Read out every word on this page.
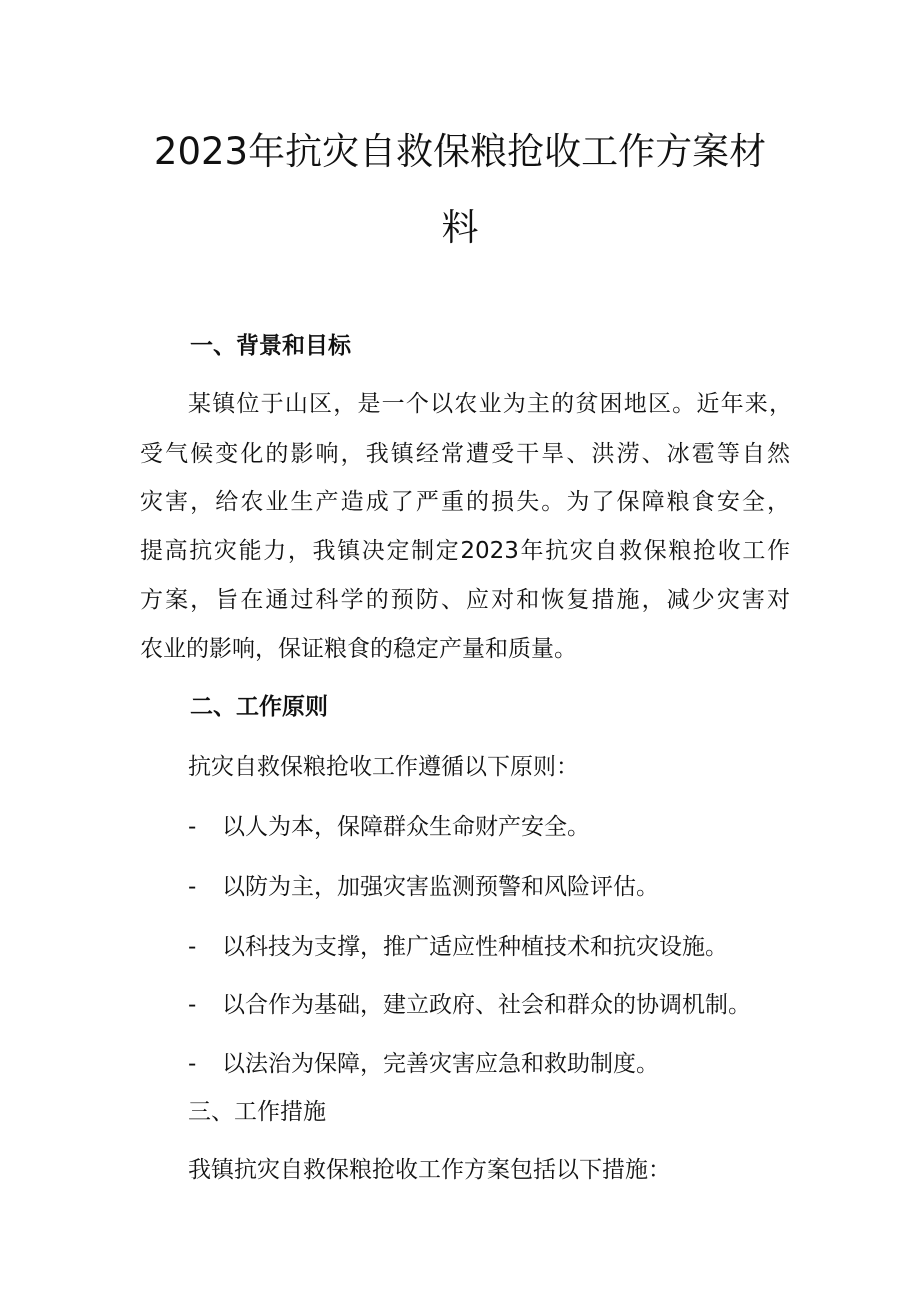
2023年抗灾自救保粮抢收工作方案材
料
一、背景和目标
某镇位于山区，是一个以农业为主的贫困地区。近年来，
受气候变化的影响，我镇经常遭受干旱、洪涝、冰雹等自然
灾害，给农业生产造成了严重的损失。为了保障粮食安全，
提高抗灾能力，我镇决定制定2023年抗灾自救保粮抢收工作
方案，旨在通过科学的预防、应对和恢复措施，减少灾害对
农业的影响，保证粮食的稳定产量和质量。
二、工作原则
抗灾自救保粮抢收工作遵循以下原则：
- 以人为本，保障群众生命财产安全。
- 以防为主，加强灾害监测预警和风险评估。
- 以科技为支撑，推广适应性种植技术和抗灾设施。
- 以合作为基础，建立政府、社会和群众的协调机制。
- 以法治为保障，完善灾害应急和救助制度。
三、工作措施
我镇抗灾自救保粮抢收工作方案包括以下措施：
